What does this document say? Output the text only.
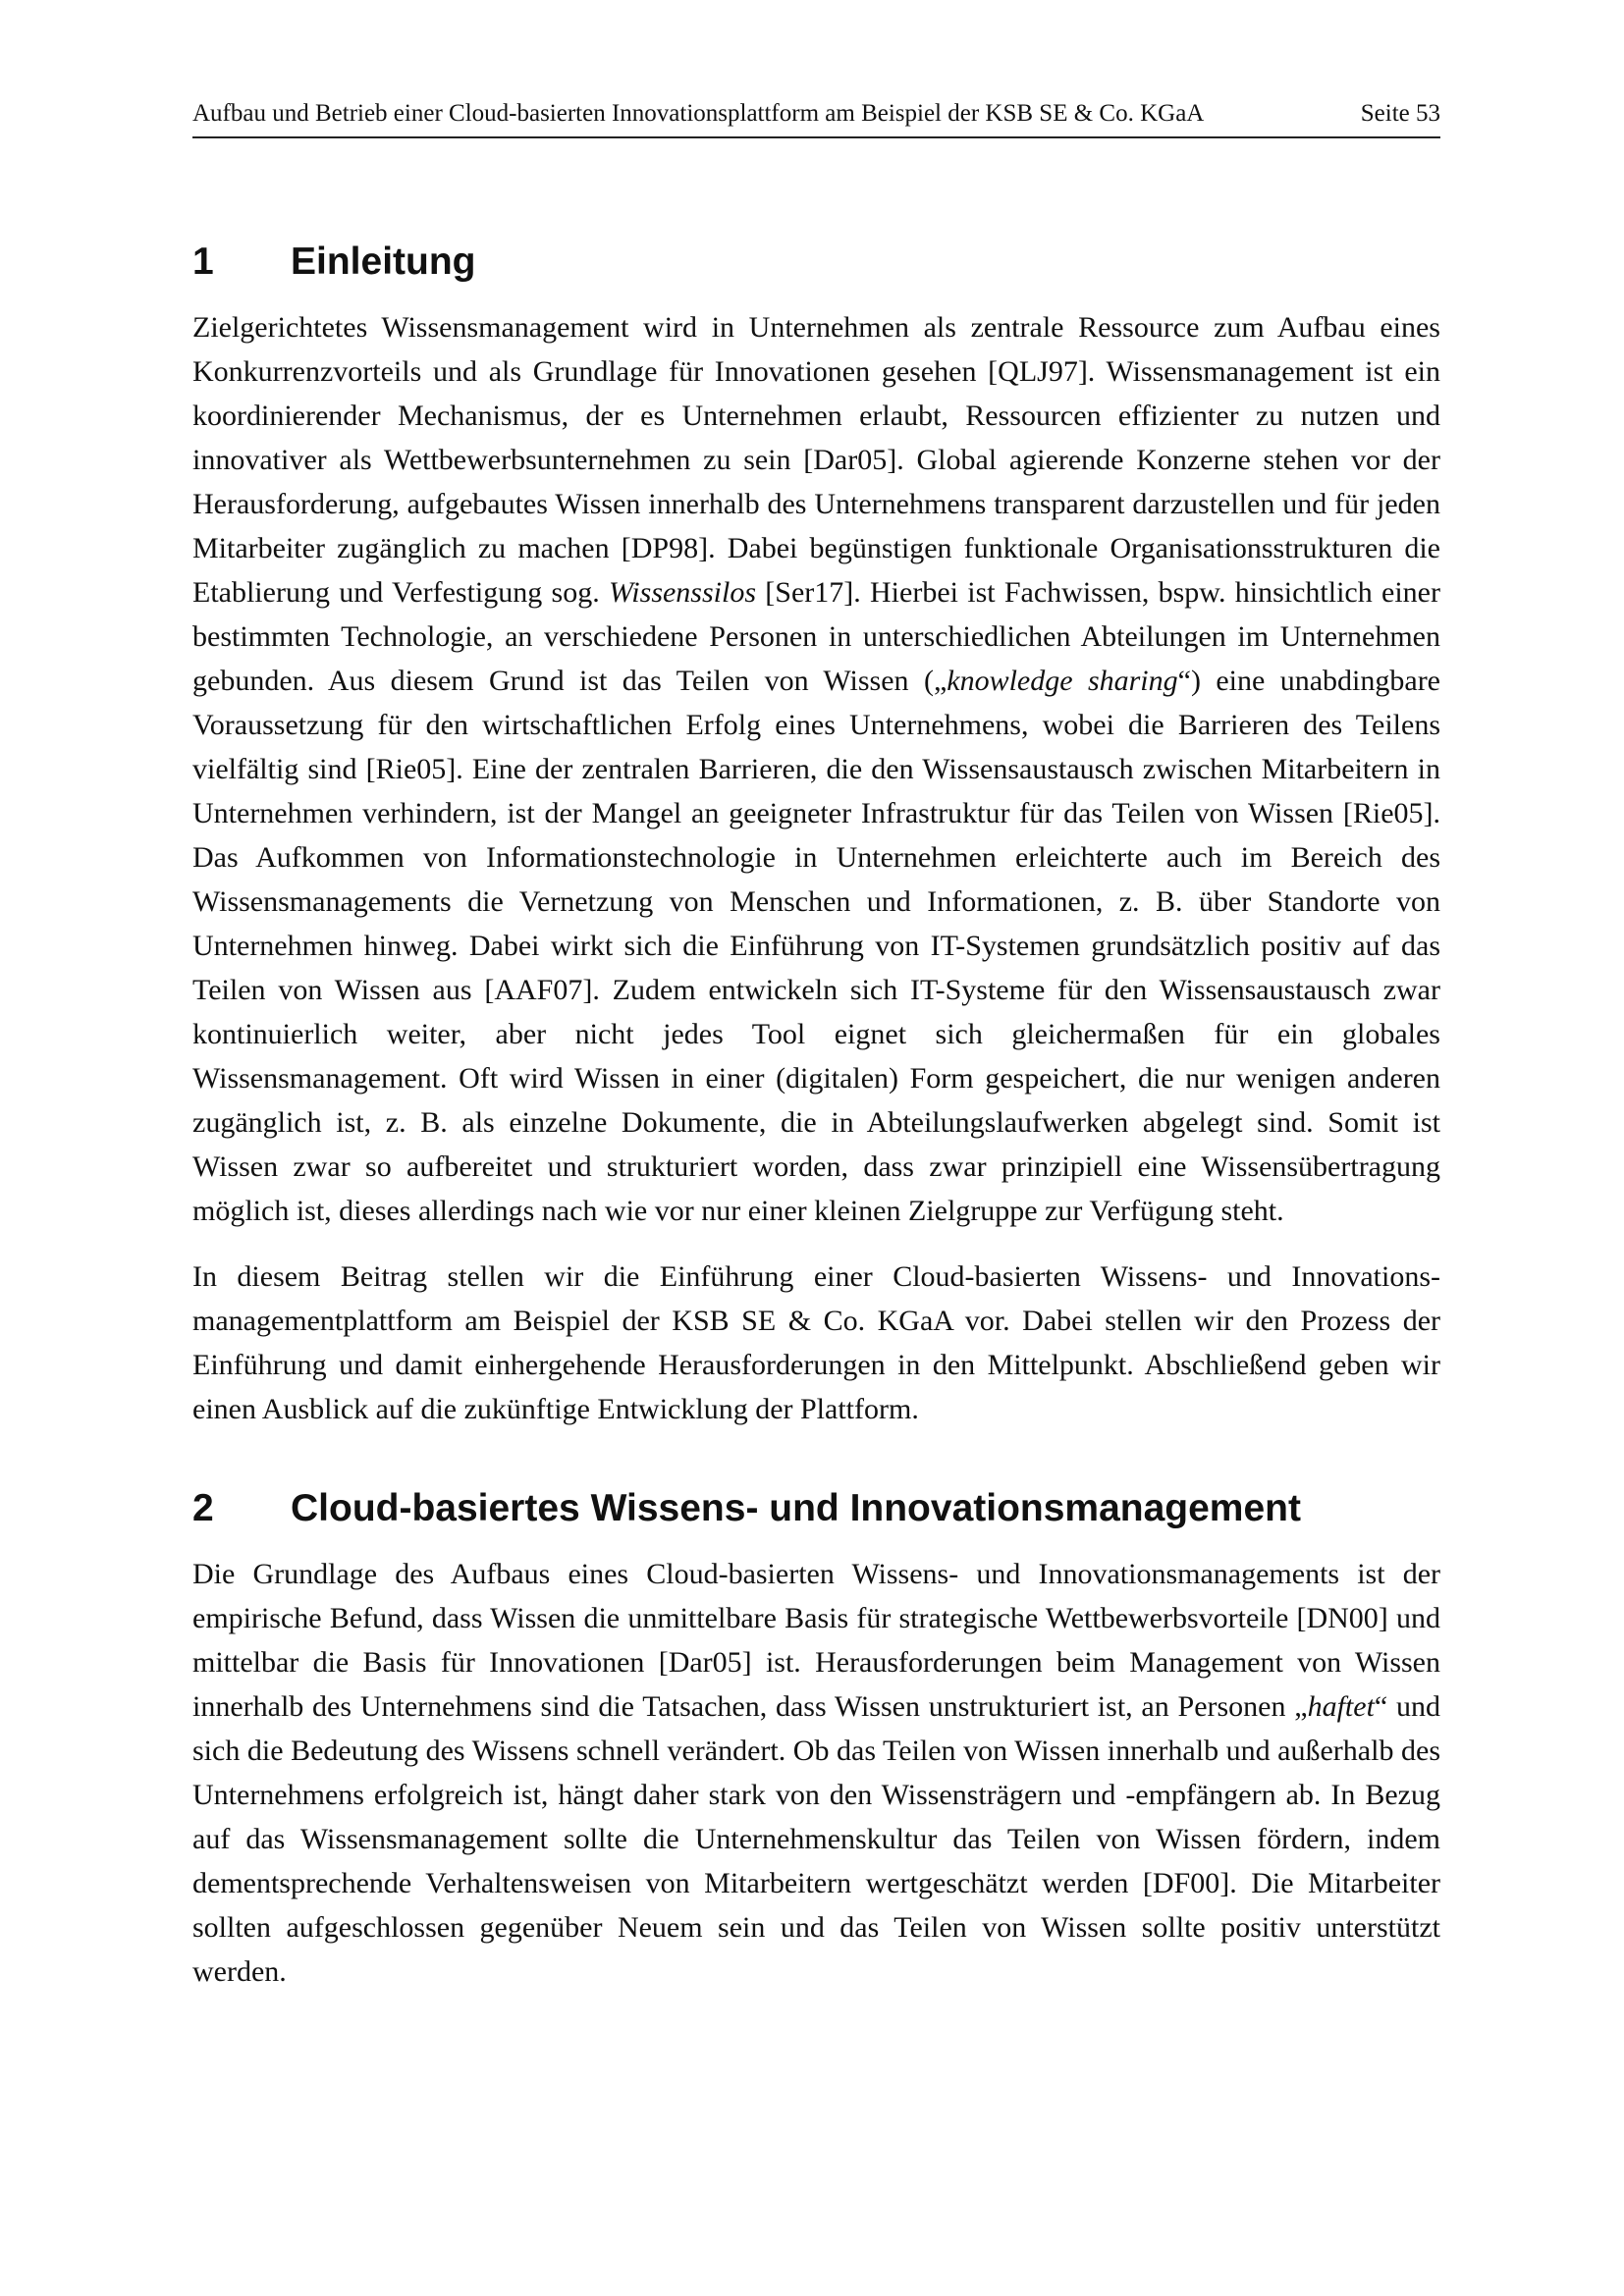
Aufbau und Betrieb einer Cloud-basierten Innovationsplattform am Beispiel der KSB SE & Co. KGaA	Seite 53
1	Einleitung

Zielgerichtetes Wissensmanagement wird in Unternehmen als zentrale Ressource zum Aufbau eines Konkurrenzvorteils und als Grundlage für Innovationen gesehen [QLJ97]. Wissensmanagement ist ein koordinierender Mechanismus, der es Unternehmen erlaubt, Ressourcen effizienter zu nutzen und innovativer als Wettbewerbsunternehmen zu sein [Dar05]. Global agierende Konzerne stehen vor der Herausforderung, aufgebautes Wissen innerhalb des Unternehmens transparent darzustellen und für jeden Mitarbeiter zugänglich zu machen [DP98]. Dabei begünstigen funktionale Organisationsstrukturen die Etablierung und Verfestigung sog. Wissenssilos [Ser17]. Hierbei ist Fachwissen, bspw. hinsichtlich einer bestimmten Technologie, an verschiedene Personen in unterschiedlichen Abteilungen im Unternehmen gebunden. Aus diesem Grund ist das Teilen von Wissen („knowledge sharing“) eine unabdingbare Voraussetzung für den wirtschaftlichen Erfolg eines Unternehmens, wobei die Barrieren des Teilens vielfältig sind [Rie05]. Eine der zentralen Barrieren, die den Wissensaustausch zwischen Mitarbeitern in Unternehmen verhindern, ist der Mangel an geeigneter Infrastruktur für das Teilen von Wissen [Rie05]. Das Aufkommen von Informationstechnologie in Unternehmen erleichterte auch im Bereich des Wissensmanagements die Vernetzung von Menschen und Informationen, z. B. über Standorte von Unternehmen hinweg. Dabei wirkt sich die Einführung von IT-Systemen grundsätzlich positiv auf das Teilen von Wissen aus [AAF07]. Zudem entwickeln sich IT-Systeme für den Wissensaustausch zwar kontinuierlich weiter, aber nicht jedes Tool eignet sich gleichermaßen für ein globales Wissensmanagement. Oft wird Wissen in einer (digitalen) Form gespeichert, die nur wenigen anderen zugänglich ist, z. B. als einzelne Dokumente, die in Abteilungslaufwerken abgelegt sind. Somit ist Wissen zwar so aufbereitet und strukturiert worden, dass zwar prinzipiell eine Wissensübertragung möglich ist, dieses allerdings nach wie vor nur einer kleinen Zielgruppe zur Verfügung steht.

In diesem Beitrag stellen wir die Einführung einer Cloud-basierten Wissens- und Innovationsmanagementplattform am Beispiel der KSB SE & Co. KGaA vor. Dabei stellen wir den Prozess der Einführung und damit einhergehende Herausforderungen in den Mittelpunkt. Abschließend geben wir einen Ausblick auf die zukünftige Entwicklung der Plattform.

2	Cloud-basiertes Wissens- und Innovationsmanagement

Die Grundlage des Aufbaus eines Cloud-basierten Wissens- und Innovationsmanagements ist der empirische Befund, dass Wissen die unmittelbare Basis für strategische Wettbewerbsvorteile [DN00] und mittelbar die Basis für Innovationen [Dar05] ist. Herausforderungen beim Management von Wissen innerhalb des Unternehmens sind die Tatsachen, dass Wissen unstrukturiert ist, an Personen „haftet“ und sich die Bedeutung des Wissens schnell verändert. Ob das Teilen von Wissen innerhalb und außerhalb des Unternehmens erfolgreich ist, hängt daher stark von den Wissensträgern und -empfängern ab. In Bezug auf das Wissensmanagement sollte die Unternehmenskultur das Teilen von Wissen fördern, indem dementsprechende Verhaltensweisen von Mitarbeitern wertgeschätzt werden [DF00]. Die Mitarbeiter sollten aufgeschlossen gegenüber Neuem sein und das Teilen von Wissen sollte positiv unterstützt werden.
